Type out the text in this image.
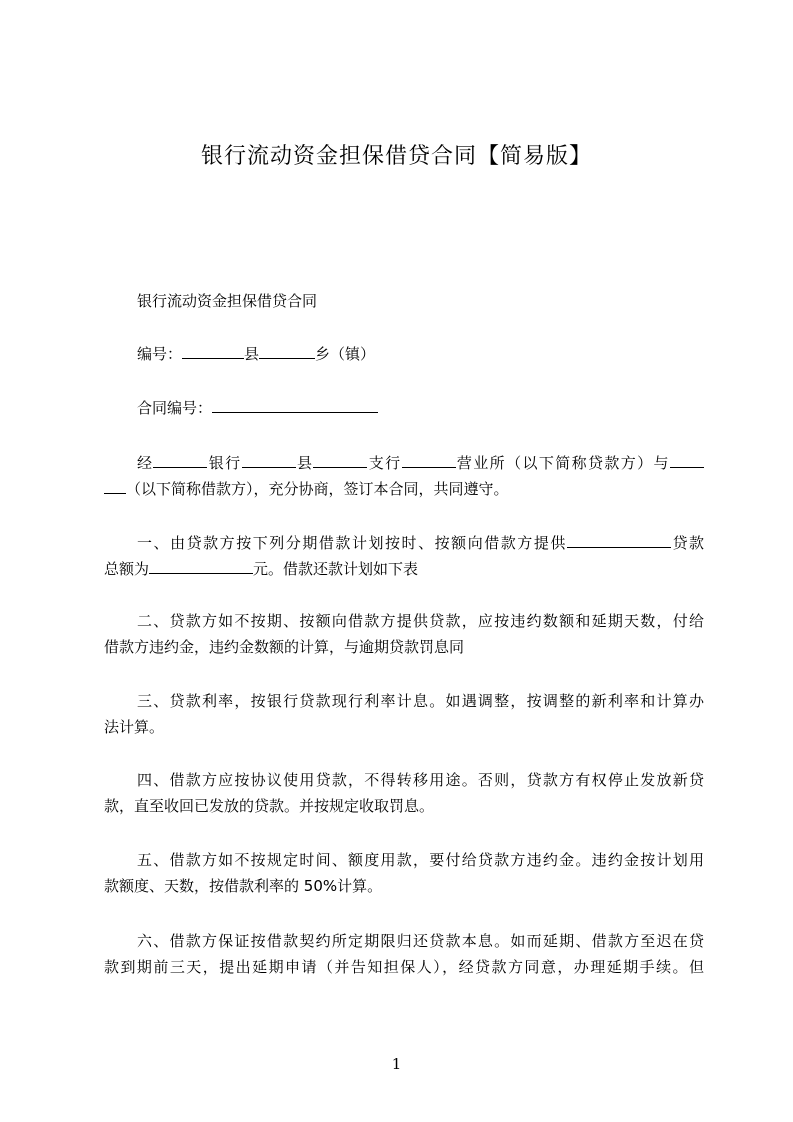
银行流动资金担保借贷合同【简易版】
银行流动资金担保借贷合同
编号：	县	乡（镇）
合同编号：
经	银行	县	支行	营业所（以下简称贷款方）与
（以下简称借款方），充分协商，签订本合同，共同遵守。
一、由贷款方按下列分期借款计划按时、按额向借款方提供	贷款
总额为	元。借款还款计划如下表
二、贷款方如不按期、按额向借款方提供贷款，应按违约数额和延期天数，付给
借款方违约金，违约金数额的计算，与逾期贷款罚息同
三、贷款利率，按银行贷款现行利率计息。如遇调整，按调整的新利率和计算办
法计算。
四、借款方应按协议使用贷款，不得转移用途。否则，贷款方有权停止发放新贷
款，直至收回已发放的贷款。并按规定收取罚息。
五、借款方如不按规定时间、额度用款，要付给贷款方违约金。违约金按计划用
款额度、天数，按借款利率的 50%计算。
六、借款方保证按借款契约所定期限归还贷款本息。如而延期、借款方至迟在贷
款到期前三天，提出延期申请（并告知担保人），经贷款方同意，办理延期手续。但
1
